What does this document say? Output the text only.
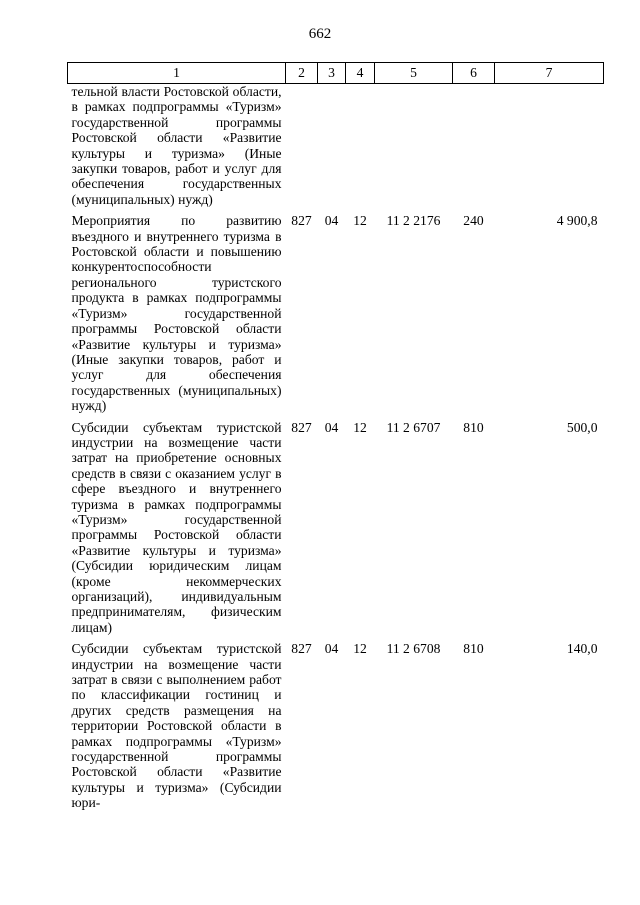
662
1	2	3	4	5	6	7
тельной власти Ростовской области, в рамках подпрограммы «Туризм» государственной программы Ростовской области «Развитие культуры и туризма» (Иные закупки товаров, работ и услуг для обеспечения государственных (муниципальных) нужд)						
Мероприятия по развитию въездного и внутреннего туризма в Ростовской области и повышению конкурентоспособности регионального туристского продукта в рамках подпрограммы «Туризм» государственной программы Ростовской области «Развитие культуры и туризма» (Иные закупки товаров, работ и услуг для обеспечения государственных (муниципальных) нужд)	827	04	12	11 2 2176	240	4 900,8
Субсидии субъектам туристской индустрии на возмещение части затрат на приобретение основных средств в связи с оказанием услуг в сфере въездного и внутреннего туризма в рамках подпрограммы «Туризм» государственной программы Ростовской области «Развитие культуры и туризма» (Субсидии юридическим лицам (кроме некоммерческих организаций), индивидуальным предпринимателям, физическим лицам)	827	04	12	11 2 6707	810	500,0
Субсидии субъектам туристской индустрии на возмещение части затрат в связи с выполнением работ по классификации гостиниц и других средств размещения на территории Ростовской области в рамках подпрограммы «Туризм» государственной программы Ростовской области «Развитие культуры и туризма» (Субсидии юри-	827	04	12	11 2 6708	810	140,0
